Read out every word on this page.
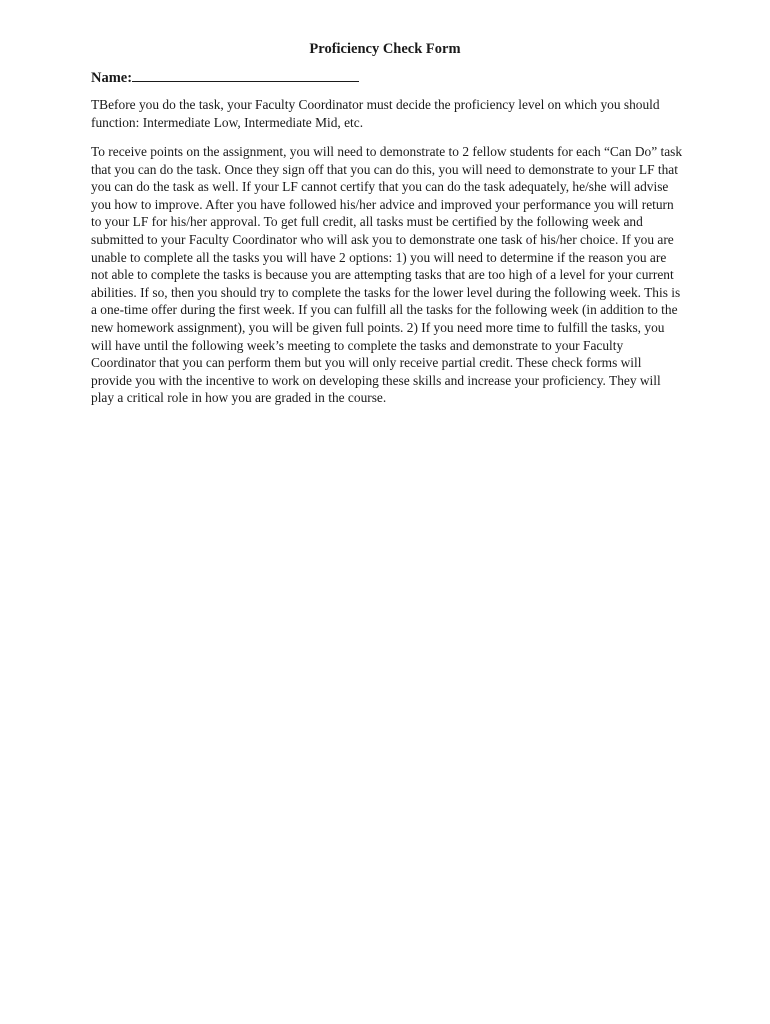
Proficiency Check Form
Name:

TBefore you do the task, your Faculty Coordinator must decide the proficiency level on which you should function: Intermediate Low, Intermediate Mid, etc.

To receive points on the assignment, you will need to demonstrate to 2 fellow students for each “Can Do” task that you can do the task. Once they sign off that you can do this, you will need to demonstrate to your LF that you can do the task as well. If your LF cannot certify that you can do the task adequately, he/she will advise you how to improve. After you have followed his/her advice and improved your performance you will return to your LF for his/her approval. To get full credit, all tasks must be certified by the following week and submitted to your Faculty Coordinator who will ask you to demonstrate one task of his/her choice. If you are unable to complete all the tasks you will have 2 options: 1) you will need to determine if the reason you are not able to complete the tasks is because you are attempting tasks that are too high of a level for your current abilities. If so, then you should try to complete the tasks for the lower level during the following week. This is a one-time offer during the first week. If you can fulfill all the tasks for the following week (in addition to the new homework assignment), you will be given full points. 2) If you need more time to fulfill the tasks, you will have until the following week’s meeting to complete the tasks and demonstrate to your Faculty Coordinator that you can perform them but you will only receive partial credit. These check forms will provide you with the incentive to work on developing these skills and increase your proficiency. They will play a critical role in how you are graded in the course.
